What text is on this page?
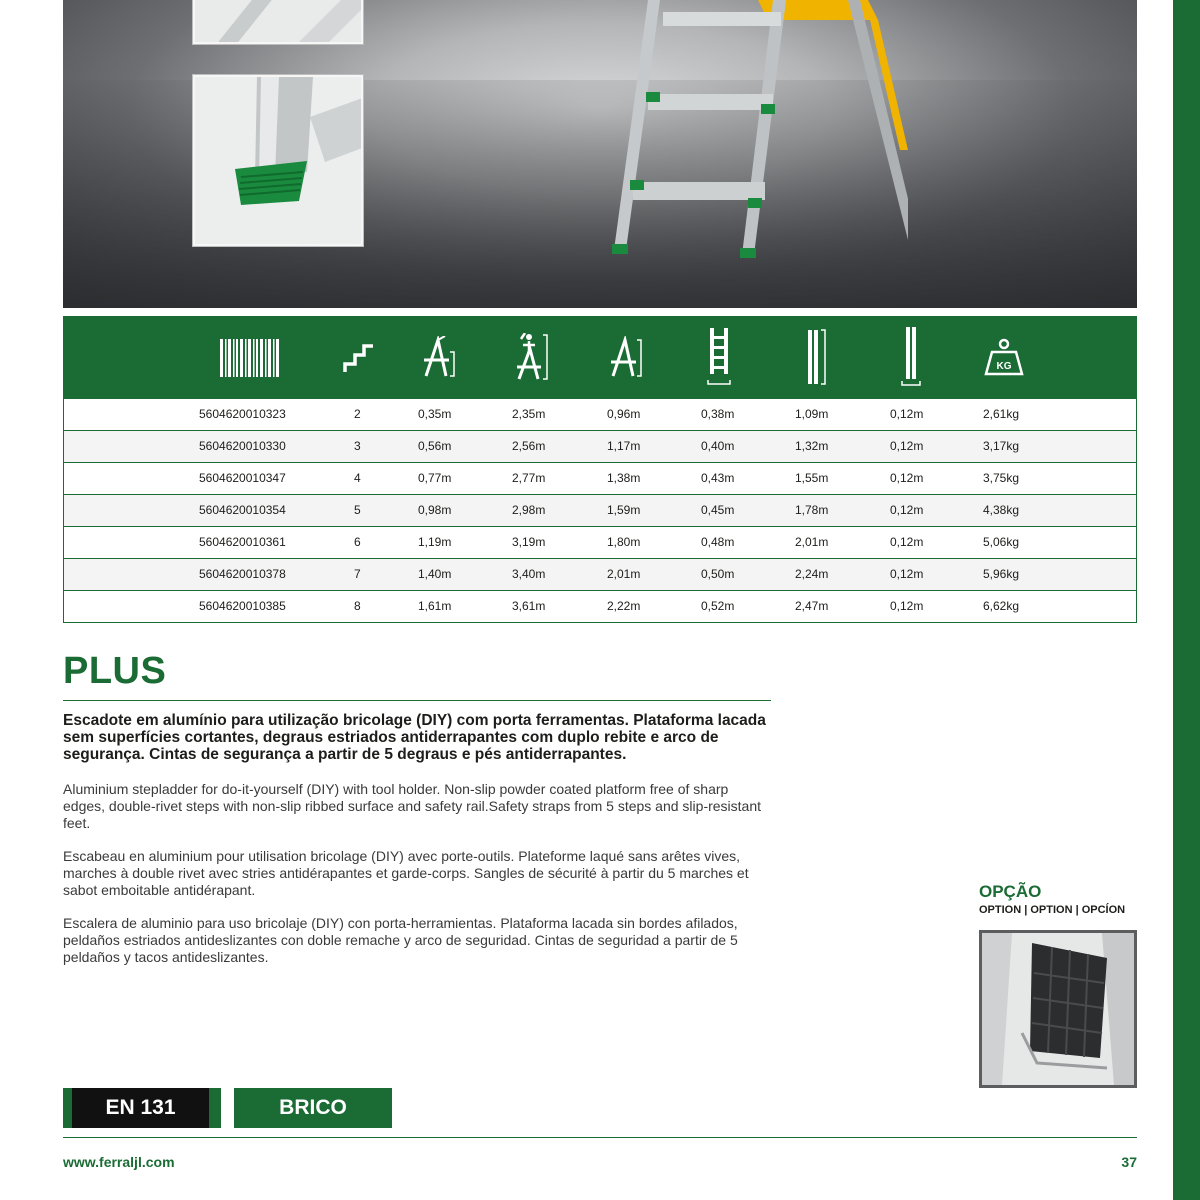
KG
5604620010323	2	0,35m	2,35m	0,96m	0,38m	1,09m	0,12m	2,61kg
5604620010330	3	0,56m	2,56m	1,17m	0,40m	1,32m	0,12m	3,17kg
5604620010347	4	0,77m	2,77m	1,38m	0,43m	1,55m	0,12m	3,75kg
5604620010354	5	0,98m	2,98m	1,59m	0,45m	1,78m	0,12m	4,38kg
5604620010361	6	1,19m	3,19m	1,80m	0,48m	2,01m	0,12m	5,06kg
5604620010378	7	1,40m	3,40m	2,01m	0,50m	2,24m	0,12m	5,96kg
5604620010385	8	1,61m	3,61m	2,22m	0,52m	2,47m	0,12m	6,62kg
PLUS
Escadote em alumínio para utilização bricolage (DIY) com porta ferramentas. Plataforma lacada sem superfícies cortantes, degraus estriados antiderrapantes com duplo rebite e arco de segurança. Cintas de segurança a partir de 5 degraus e pés antiderrapantes.
Aluminium stepladder for do-it-yourself (DIY) with tool holder. Non-slip powder coated platform free of sharp edges, double-rivet steps with non-slip ribbed surface and safety rail.Safety straps from 5 steps and slip-resistant feet.
Escabeau en aluminium pour utilisation bricolage (DIY) avec porte-outils. Plateforme laqué sans arêtes vives, marches à double rivet avec stries antidérapantes et garde-corps. Sangles de sécurité à partir du 5 marches et sabot emboitable antidérapant.
Escalera de aluminio para uso bricolaje (DIY) con porta-herramientas. Plataforma lacada sin bordes afilados, peldaños estriados antideslizantes con doble remache y arco de seguridad. Cintas de seguridad a partir de 5 peldaños y tacos antideslizantes.
OPÇÃO
OPTION | OPTION | OPCÍON
EN 131	BRICO
www.ferraljl.com	37
